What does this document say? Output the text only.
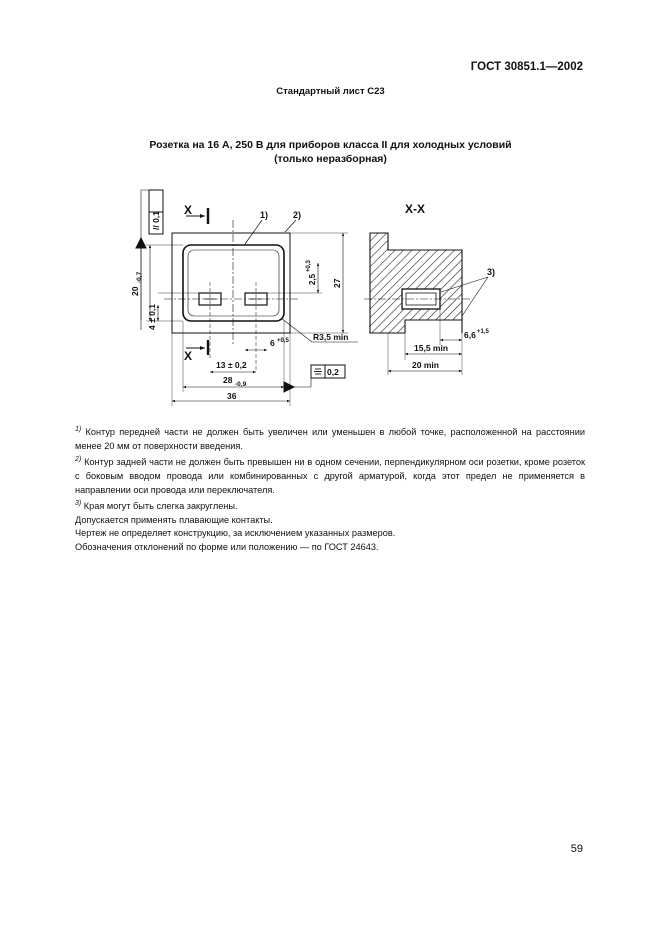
ГОСТ 30851.1—2002
Стандартный лист С23
Розетка на 16 А, 250 В для приборов класса II для холодных условий
(только неразборная)
Х
Х
1)	2)
// 0,1
20
-0,7
4 ± 0,1
2,5
+0,3
27
6 +0,5	R3,5 min
13 ± 0,2
28 -0,9
0,2
36
Х-Х
3)
6,6 +1,5
15,5 min
20 min

$^{1)}$ Контур передней части не должен быть увеличен или уменьшен в любой точке, расположенной на расстоянии менее 20 мм от поверхности введения.

$^{2)}$ Контур задней части не должен быть превышен ни в одном сечении, перпендикулярном оси розетки, кроме розеток с боковым вводом провода или комбинированных с другой арматурой, когда этот предел не применяется в направлении оси провода или переключателя.

$^{3)}$ Края могут быть слегка закруглены.

Допускается применять плавающие контакты.

Чертеж не определяет конструкцию, за исключением указанных размеров.

Обозначения отклонений по форме или положению — по ГОСТ 24643.

59
